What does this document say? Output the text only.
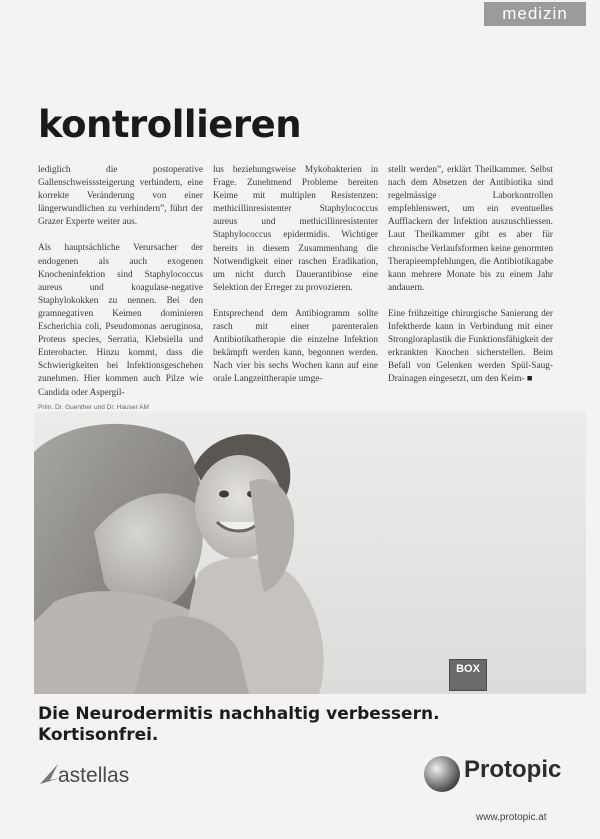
medizin
kontrollieren

lediglich die postoperative Gallenschweisssteigerung verhindern, eine korrekte Veränderung von einer längerwundlichen zu verhindern”, führt der Grazer Experte weiter aus.

Als hauptsächliche Verursacher der endogenen als auch exogenen Knocheninfektion sind Staphylococcus aureus und koagulase-negative Staphylokokken zu nennen. Bei den gramnegativen Keimen dominieren Escherichia coli, Pseudomonas aeruginosa, Proteus species, Serratia, Klebsiella und Enterobacter. Hinzu kommt, dass die Schwierigkeiten bei Infektionsgeschehen zunehmen. Hier kommen auch Pilze wie Candida oder Aspergil-

lus beziehungsweise Mykobakterien in Frage. Zunehmend Probleme bereiten Keime mit multiplen Resistenzen: methicillinresistenter Staphylococcus aureus und methicillinresistenter Staphylococcus epidermidis. Wichtiger bereits in diesem Zusammenhang die Notwendigkeit einer raschen Eradikation, um nicht durch Dauerantibiose eine Selektion der Erreger zu provozieren.

Entsprechend dem Antibiogramm sollte rasch mit einer parenteralen Antibiotikatherapie die einzelne Infektion bekämpft werden kann, begonnen werden. Nach vier bis sechs Wochen kann auf eine orale Langzeittherapie umge-

stellt werden”, erklärt Theilkammer. Selbst nach dem Absetzen der Antibiotika sind regelmässige Laborkontrollen empfehlenswert, um ein eventuelles Aufflackern der Infektion auszuschliessen. Laut Theilkammer gibt es aber für chronische Verlaufsformen keine genormten Therapieempfehlungen, die Antibiotikagabe kann mehrere Monate bis zu einem Jahr andauern.

Eine frühzeitige chirurgische Sanierung der Infektherde kann in Verbindung mit einer Strongloraplastik die Funktionsfähigkeit der erkrankten Knochen sicherstellen. Beim Befall von Gelenken werden Spül-Saug-Drainagen eingesetzt, um den Keim- ■

Prim. Dr. Guenther und Dr. Hauser AM
BOX
Die Neurodermitis nachhaltig verbessern.
Kortisonfrei.
astellas	Protopic
www.protopic.at
